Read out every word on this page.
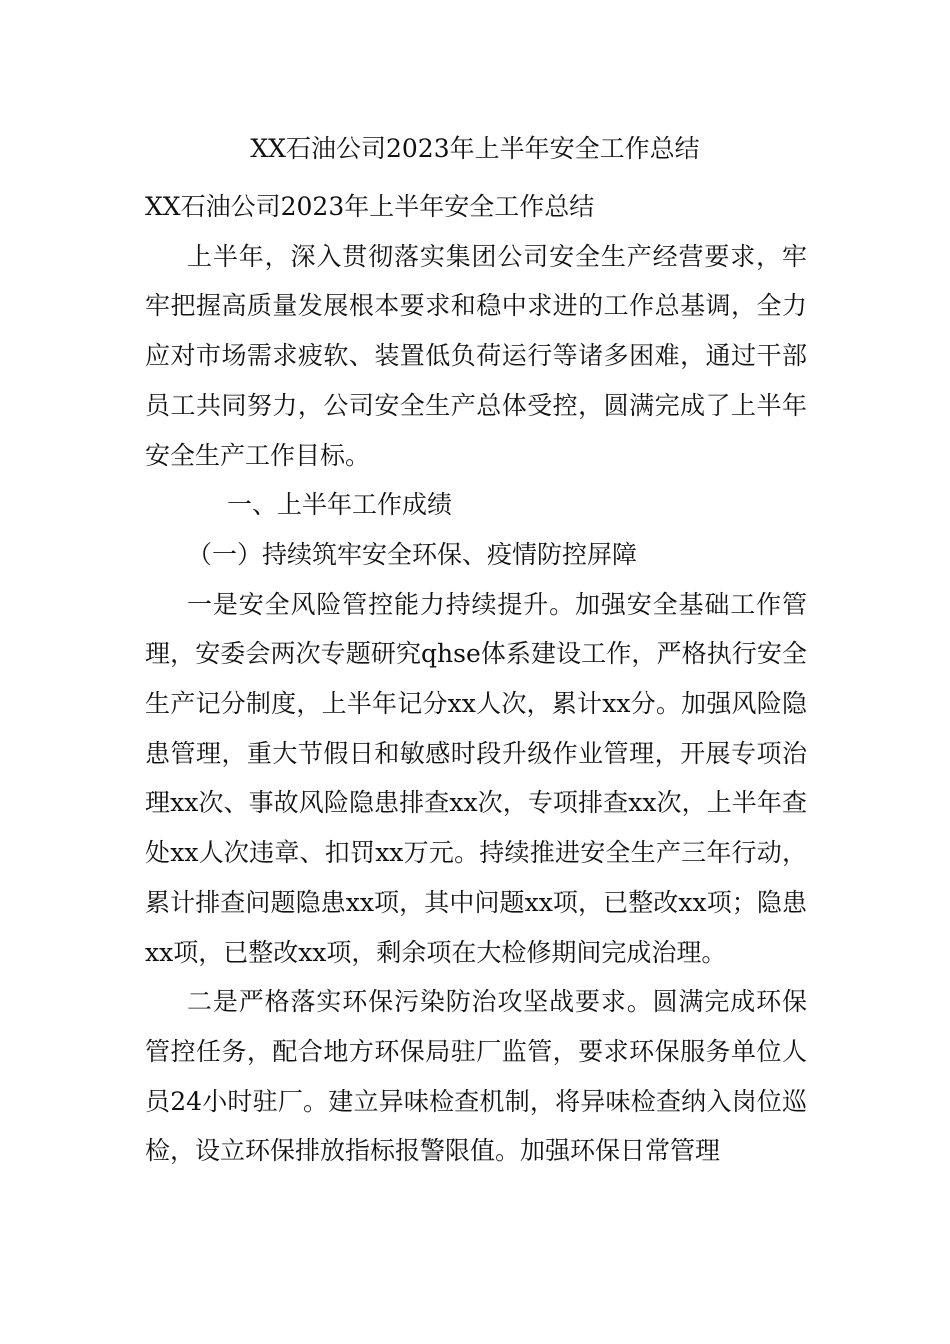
XX石油公司2023年上半年安全工作总结

XX石油公司2023年上半年安全工作总结

上半年，深入贯彻落实集团公司安全生产经营要求，牢牢把握高质量发展根本要求和稳中求进的工作总基调，全力应对市场需求疲软、装置低负荷运行等诸多困难，通过干部员工共同努力，公司安全生产总体受控，圆满完成了上半年安全生产工作目标。

一、上半年工作成绩

（一）持续筑牢安全环保、疫情防控屏障

一是安全风险管控能力持续提升。加强安全基础工作管理，安委会两次专题研究qhse体系建设工作，严格执行安全生产记分制度，上半年记分xx人次，累计xx分。加强风险隐患管理，重大节假日和敏感时段升级作业管理，开展专项治理xx次、事故风险隐患排查xx次，专项排查xx次，上半年查处xx人次违章、扣罚xx万元。持续推进安全生产三年行动，累计排查问题隐患xx项，其中问题xx项，已整改xx项；隐患xx项，已整改xx项，剩余项在大检修期间完成治理。

二是严格落实环保污染防治攻坚战要求。圆满完成环保管控任务，配合地方环保局驻厂监管，要求环保服务单位人员24小时驻厂。建立异味检查机制，将异味检查纳入岗位巡检，设立环保排放指标报警限值。加强环保日常管理
